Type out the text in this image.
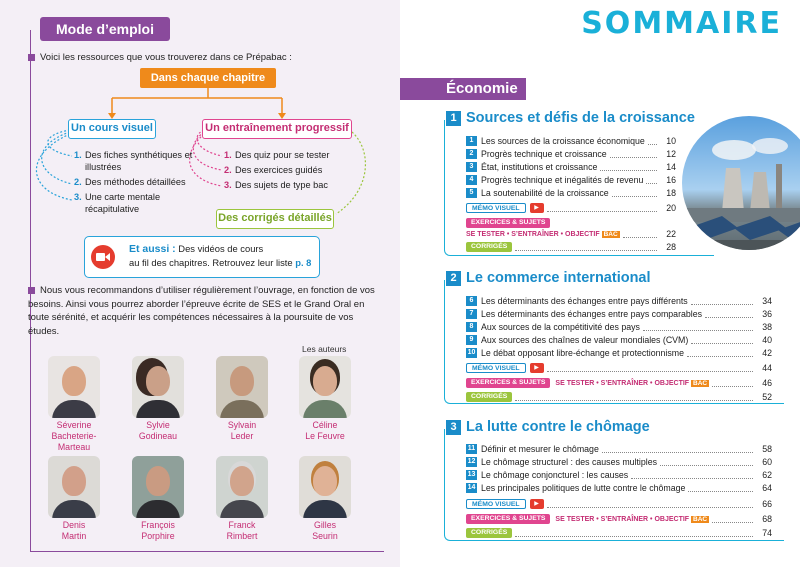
Mode d’emploi
Voici les ressources que vous trouverez dans ce Prépabac :
Dans chaque chapitre
Un cours visuel	Un entraînement progressif
1. Des fiches synthétiques et illustrées
2. Des méthodes détaillées
3. Une carte mentale récapitulative
1. Des quiz pour se tester
2. Des exercices guidés
3. Des sujets de type bac
Des corrigés détaillés
Et aussi : Des vidéos de cours
au fil des chapitres. Retrouvez leur liste p. 8
Nous vous recommandons d’utiliser régulièrement l’ouvrage, en fonction de vos besoins. Ainsi vous pourrez aborder l’épreuve écrite de SES et le Grand Oral en toute sérénité, et acquérir les compétences nécessaires à la poursuite de vos études.
Les auteurs
Séverine
Bacheterie-Marteau
Sylvie
Godineau
Sylvain
Leder
Céline
Le Feuvre
Denis
Martin
François
Porphire
Franck
Rimbert
Gilles
Seurin
SOMMAIRE
Économie
1 Sources et défis de la croissance
1 Les sources de la croissance économique	10
2 Progrès technique et croissance	12
3 État, institutions et croissance	14
4 Progrès technique et inégalités de revenu	16
5 La soutenabilité de la croissance	18
MÉMO VISUEL	▶	20
EXERCICES & SUJETS
SE TESTER • S’ENTRAÎNER • OBJECTIF BAC	22
CORRIGÉS	28
2 Le commerce international
6 Les déterminants des échanges entre pays différents	34
7 Les déterminants des échanges entre pays comparables	36
8 Aux sources de la compétitivité des pays	38
9 Aux sources des chaînes de valeur mondiales (CVM)	40
10 Le débat opposant libre-échange et protectionnisme	42
MÉMO VISUEL	▶	44
EXERCICES & SUJETS	SE TESTER • S’ENTRAÎNER • OBJECTIF BAC	46
CORRIGÉS	52
3 La lutte contre le chômage
11 Définir et mesurer le chômage	58
12 Le chômage structurel : des causes multiples	60
13 Le chômage conjoncturel : les causes	62
14 Les principales politiques de lutte contre le chômage	64
MÉMO VISUEL	▶	66
EXERCICES & SUJETS	SE TESTER • S’ENTRAÎNER • OBJECTIF BAC	68
CORRIGÉS	74
